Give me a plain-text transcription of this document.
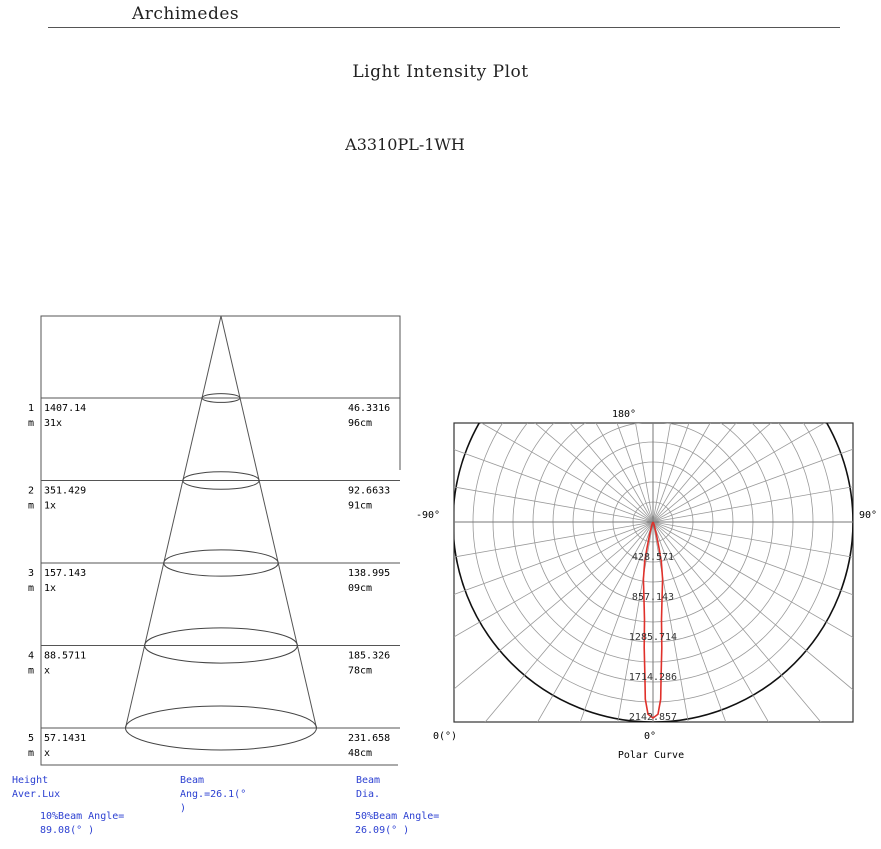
Archimedes
Light Intensity Plot
A3310PL-1WH
1
m
1407.14
31x
46.3316
96cm
2
m
351.429
1x
92.6633
91cm
3
m
157.143
1x
138.995
09cm
4
m
88.5711
x
185.326
78cm
5
m
57.1431
x
231.658
48cm
428.571
857.143
1285.714
1714.286
2142.857
180°
-90°	90°
0°
0(°)
Polar Curve
Height
Aver.Lux
Beam
Ang.=26.1(°
)
Beam
Dia.
10%Beam Angle=
89.08(° )
50%Beam Angle=
26.09(° )
